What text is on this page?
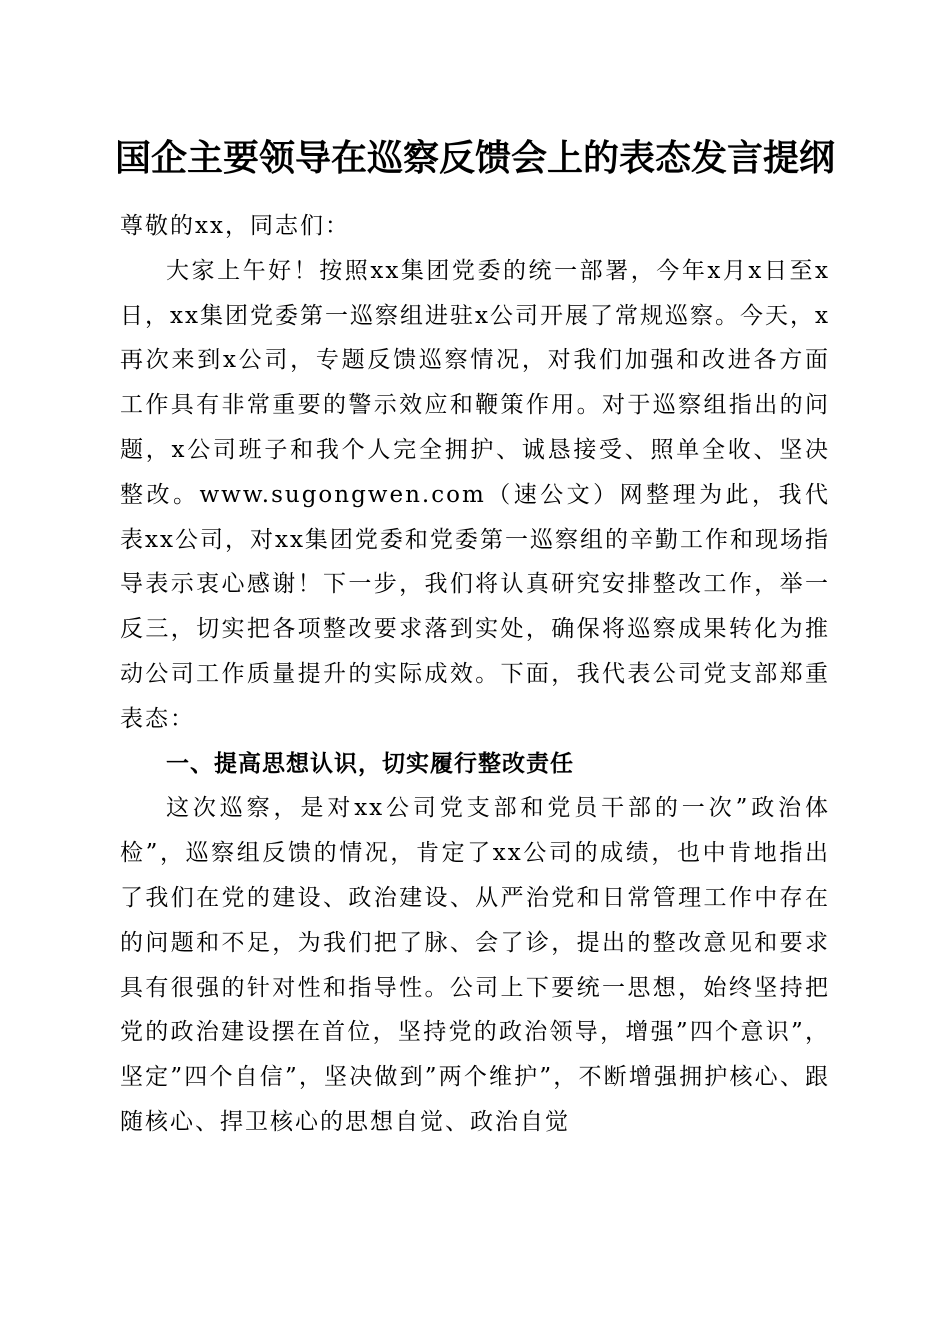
国企主要领导在巡察反馈会上的表态发言提纲

尊敬的xx，同志们：

大家上午好！按照xx集团党委的统一部署，今年x月x日至x日，xx集团党委第一巡察组进驻x公司开展了常规巡察。今天，x再次来到x公司，专题反馈巡察情况，对我们加强和改进各方面工作具有非常重要的警示效应和鞭策作用。对于巡察组指出的问题，x公司班子和我个人完全拥护、诚恳接受、照单全收、坚决整改。www.sugongwen.com（速公文）网整理为此，我代表xx公司，对xx集团党委和党委第一巡察组的辛勤工作和现场指导表示衷心感谢！下一步，我们将认真研究安排整改工作，举一反三，切实把各项整改要求落到实处，确保将巡察成果转化为推动公司工作质量提升的实际成效。下面，我代表公司党支部郑重表态：

一、提高思想认识，切实履行整改责任

这次巡察，是对xx公司党支部和党员干部的一次”政治体检”，巡察组反馈的情况，肯定了xx公司的成绩，也中肯地指出了我们在党的建设、政治建设、从严治党和日常管理工作中存在的问题和不足，为我们把了脉、会了诊，提出的整改意见和要求具有很强的针对性和指导性。公司上下要统一思想，始终坚持把党的政治建设摆在首位，坚持党的政治领导，增强”四个意识”，坚定”四个自信”，坚决做到”两个维护”，不断增强拥护核心、跟随核心、捍卫核心的思想自觉、政治自觉
